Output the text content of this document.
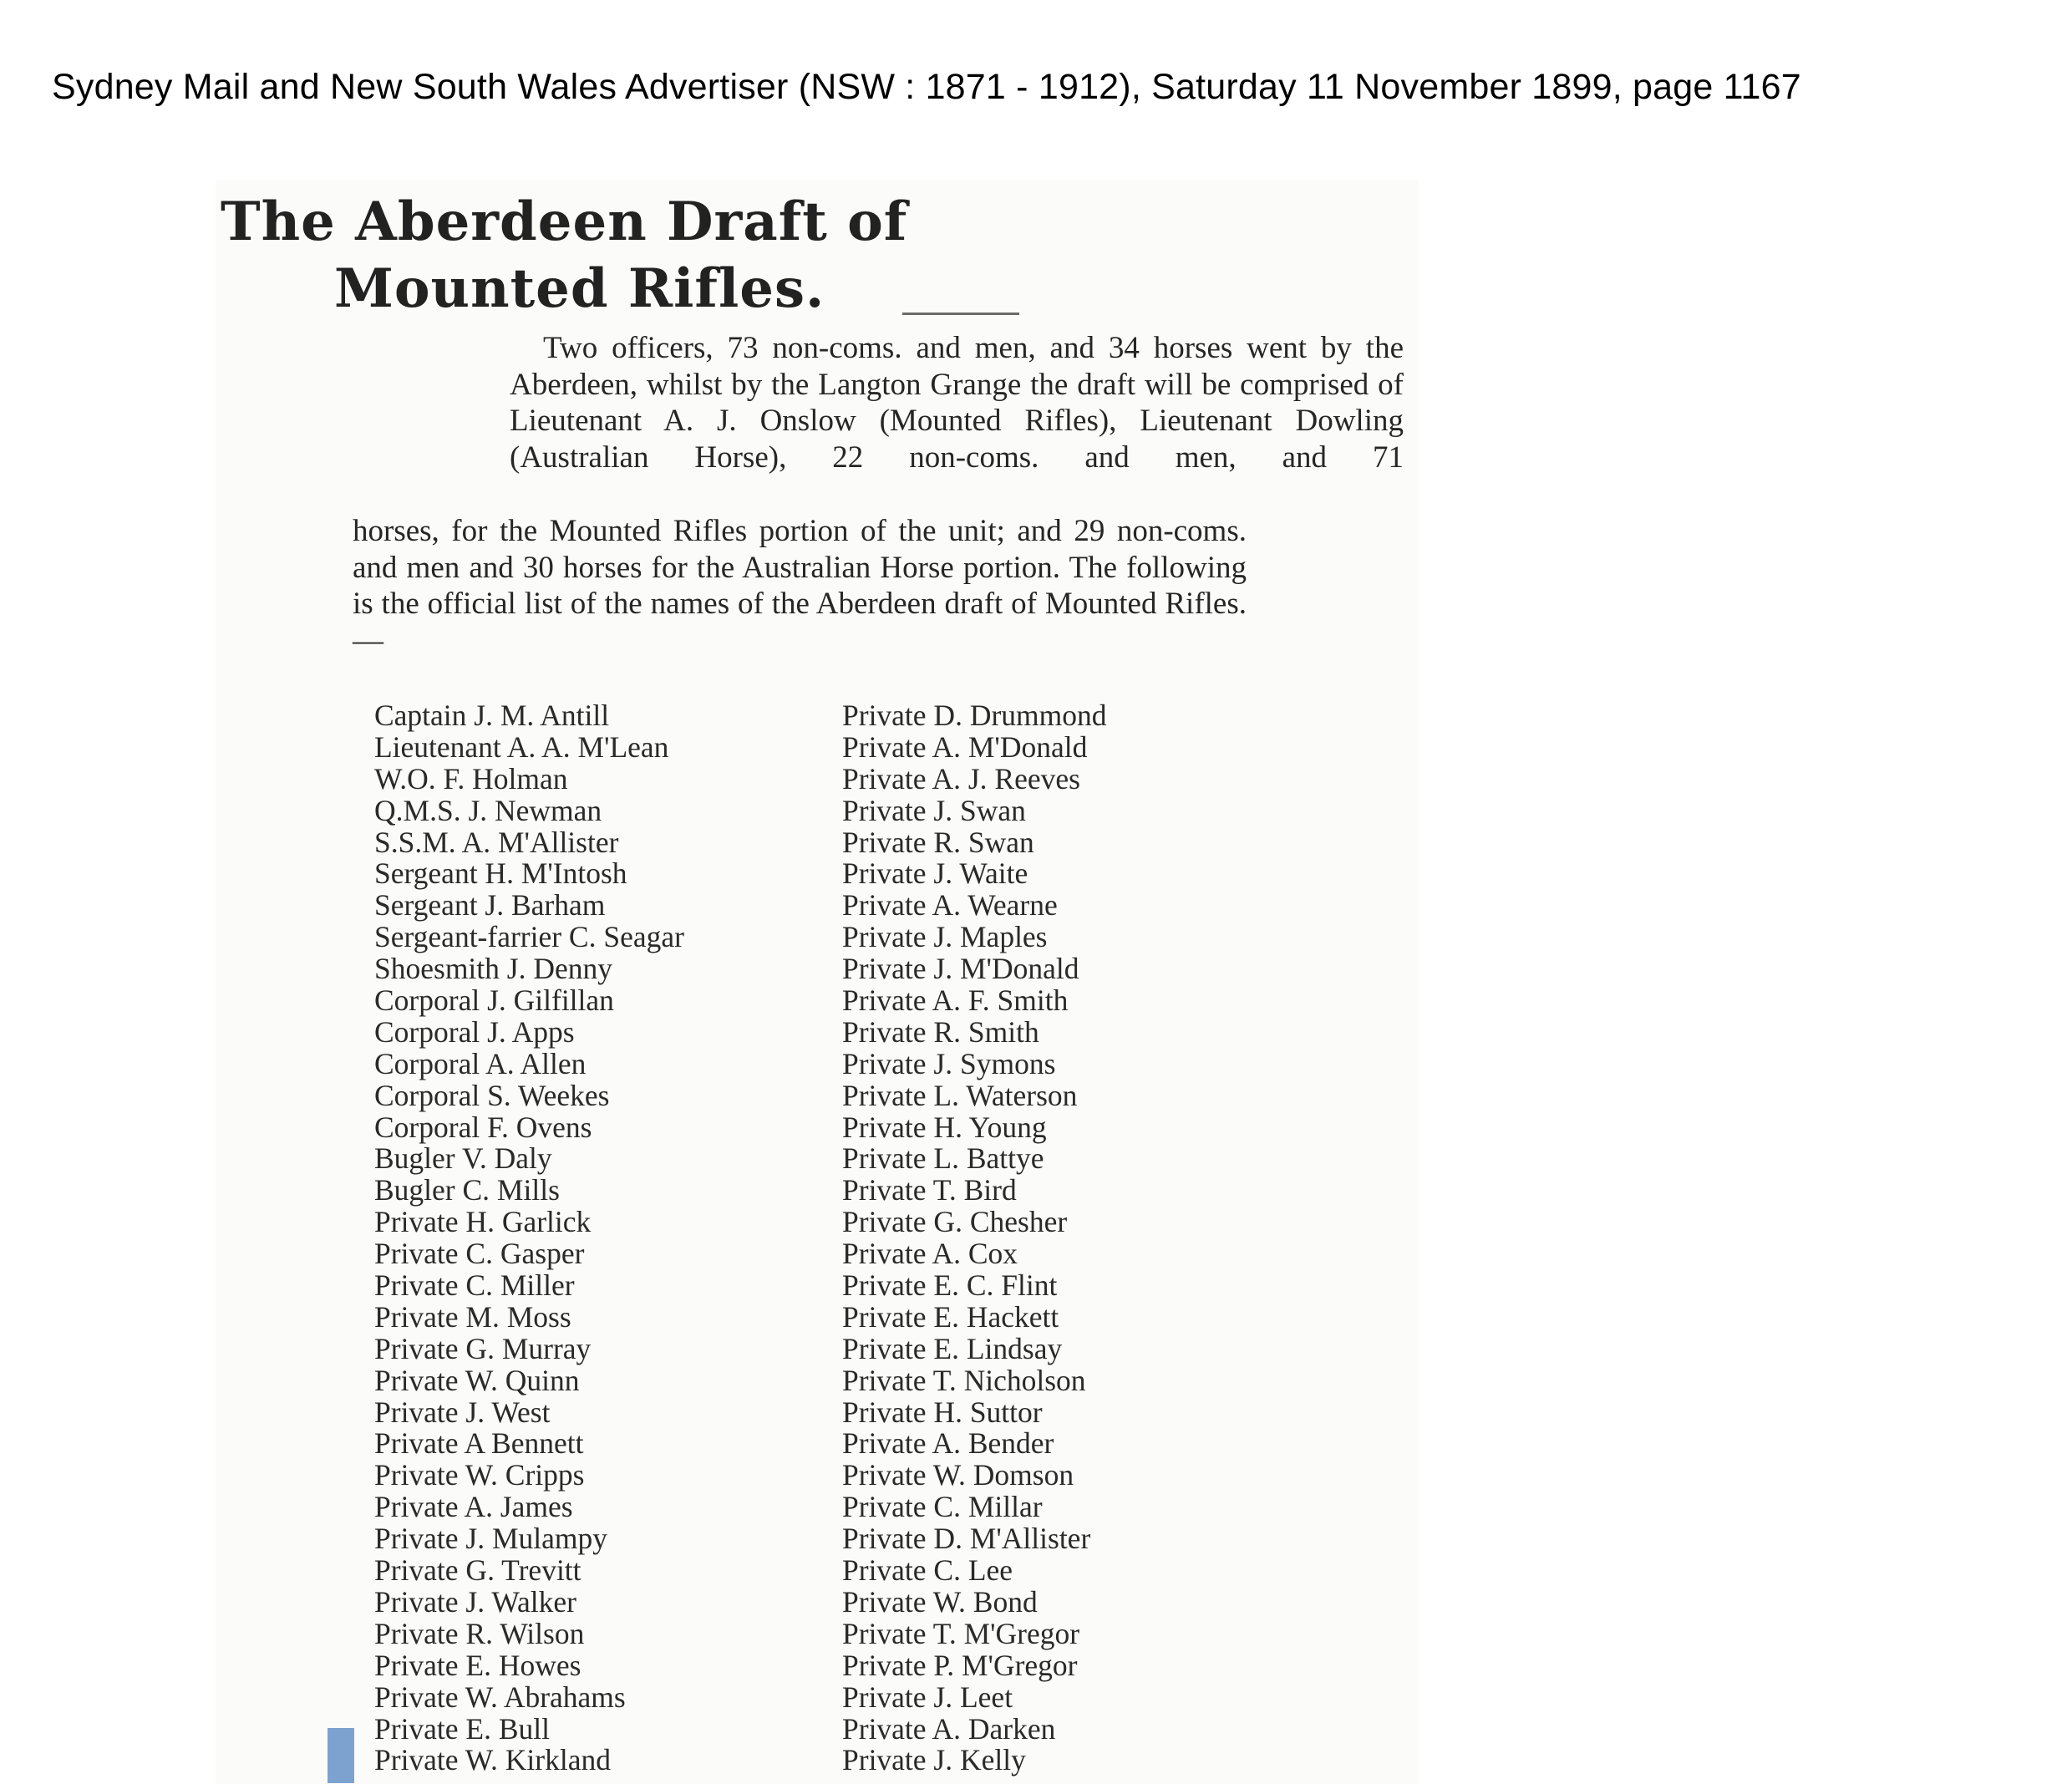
Sydney Mail and New South Wales Advertiser (NSW : 1871 - 1912), Saturday 11 November 1899, page 1167
The Aberdeen Draft of
Mounted Rifles.

Two officers, 73 non-coms. and men, and 34 horses went by the Aberdeen, whilst by the Langton Grange the draft will be comprised of Lieutenant A. J. Onslow (Mounted Rifles), Lieutenant Dowling (Australian Horse), 22 non-coms. and men, and 71

Captain J. M. Antill
Lieutenant A. A. M'Lean
W.O. F. Holman
Q.M.S. J. Newman
S.S.M. A. M'Allister
Sergeant H. M'Intosh
Sergeant J. Barham
Sergeant-farrier C. Seagar
Shoesmith J. Denny
Corporal J. Gilfillan
Corporal J. Apps
Corporal A. Allen
Corporal S. Weekes
Corporal F. Ovens
Bugler V. Daly
Bugler C. Mills
Private H. Garlick
Private C. Gasper
Private C. Miller
Private M. Moss
Private G. Murray
Private W. Quinn
Private J. West
Private A Bennett
Private W. Cripps
Private A. James
Private J. Mulampy
Private G. Trevitt
Private J. Walker
Private R. Wilson
Private E. Howes
Private W. Abrahams
Private E. Bull
Private W. Kirkland
Private D. Drummond
Private A. M'Donald
Private A. J. Reeves
Private J. Swan
Private R. Swan
Private J. Waite
Private A. Wearne
Private J. Maples
Private J. M'Donald
Private A. F. Smith
Private R. Smith
Private J. Symons
Private L. Waterson
Private H. Young
Private L. Battye
Private T. Bird
Private G. Chesher
Private A. Cox
Private E. C. Flint
Private E. Hackett
Private E. Lindsay
Private T. Nicholson
Private H. Suttor
Private A. Bender
Private W. Domson
Private C. Millar
Private D. M'Allister
Private C. Lee
Private W. Bond
Private T. M'Gregor
Private P. M'Gregor
Private J. Leet
Private A. Darken
Private J. Kelly
horses, for the Mounted Rifles portion of the unit; and 29 non-coms. and men and 30 horses for the Australian Horse portion. The following is the official list of the names of the Aberdeen draft of Mounted Rifles.—
